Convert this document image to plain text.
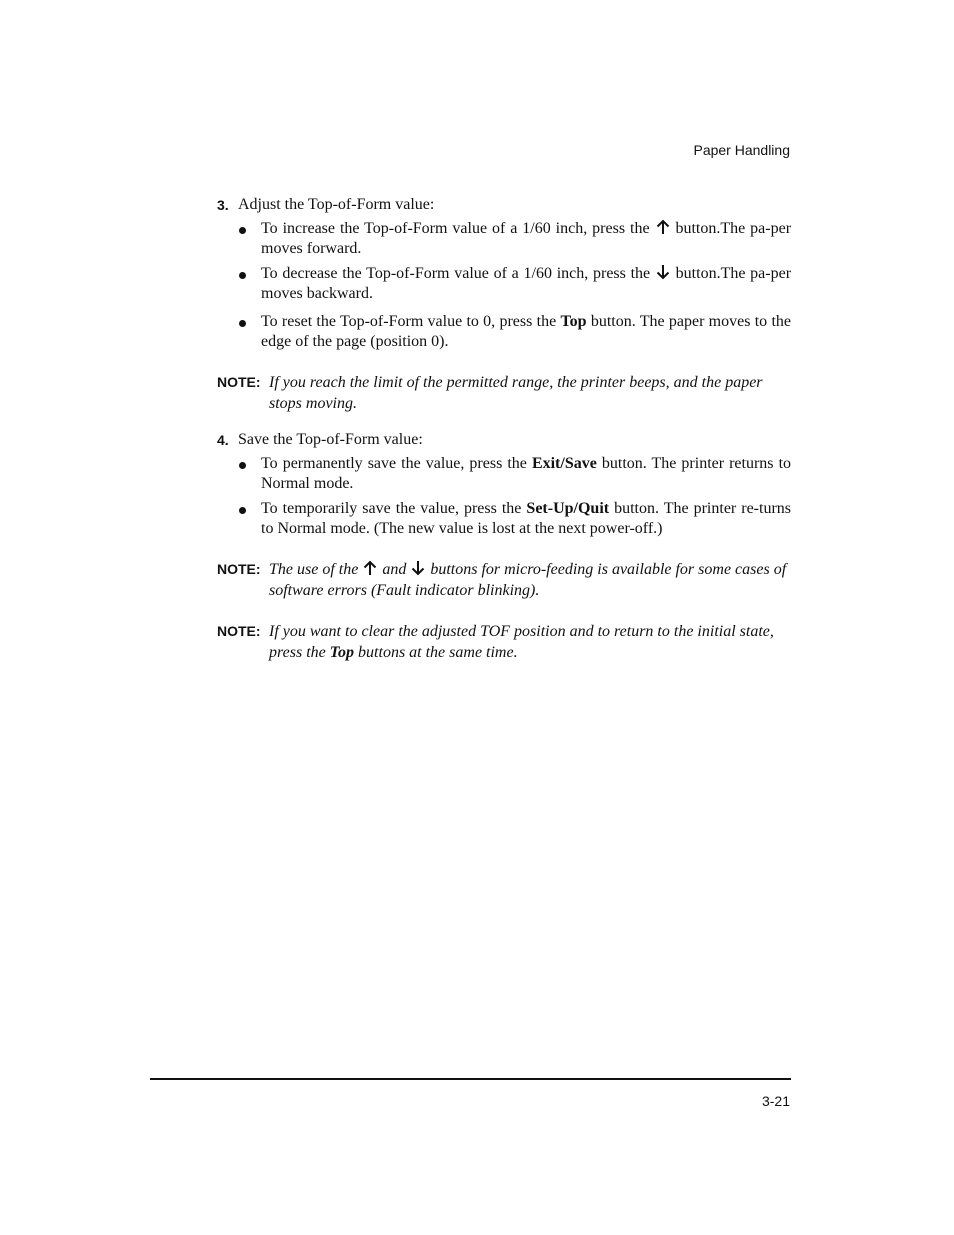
Paper Handling
3. Adjust the Top-of-Form value:
To increase the Top-of-Form value of a 1/60 inch, press the button.The pa-per moves forward.
To decrease the Top-of-Form value of a 1/60 inch, press the button.The pa-per moves backward.
To reset the Top-of-Form value to 0, press the Top button. The paper moves to the edge of the page (position 0).
NOTE: If you reach the limit of the permitted range, the printer beeps, and the paper stops moving.
4. Save the Top-of-Form value:
To permanently save the value, press the Exit/Save button. The printer returns to Normal mode.
To temporarily save the value, press the Set-Up/Quit button. The printer re-turns to Normal mode. (The new value is lost at the next power-off.)
NOTE: The use of the and buttons for micro-feeding is available for some cases of software errors (Fault indicator blinking).
NOTE: If you want to clear the adjusted TOF position and to return to the initial state, press the Top buttons at the same time.
3-21
